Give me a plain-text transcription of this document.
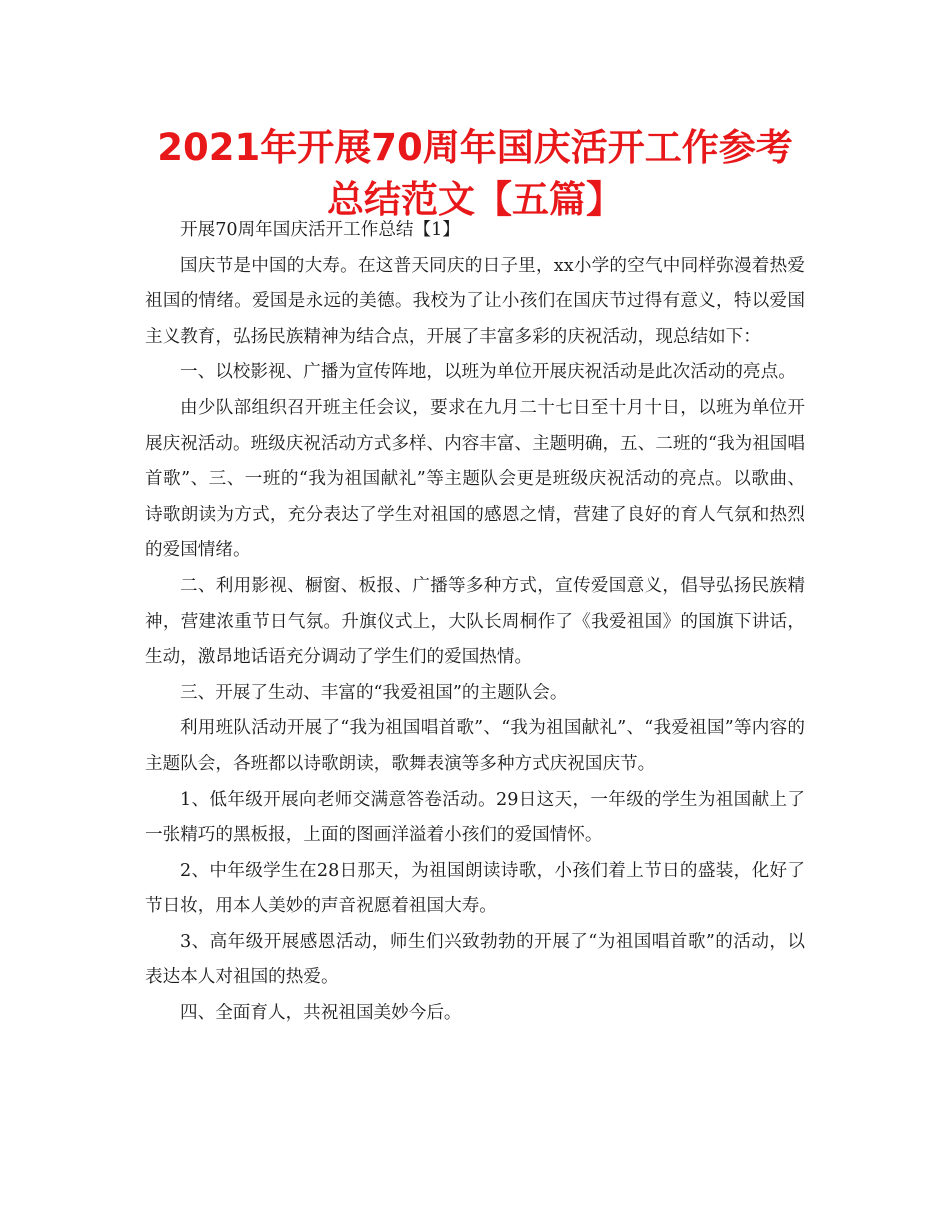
2021年开展70周年国庆活开工作参考总结范文【五篇】

开展70周年国庆活开工作总结【1】

国庆节是中国的大寿。在这普天同庆的日子里，xx小学的空气中同样弥漫着热爱祖国的情绪。爱国是永远的美德。我校为了让小孩们在国庆节过得有意义，特以爱国主义教育，弘扬民族精神为结合点，开展了丰富多彩的庆祝活动，现总结如下：

一、以校影视、广播为宣传阵地，以班为单位开展庆祝活动是此次活动的亮点。

由少队部组织召开班主任会议，要求在九月二十七日至十月十日，以班为单位开展庆祝活动。班级庆祝活动方式多样、内容丰富、主题明确，五、二班的“我为祖国唱首歌”、三、一班的“我为祖国献礼”等主题队会更是班级庆祝活动的亮点。以歌曲、诗歌朗读为方式，充分表达了学生对祖国的感恩之情，营建了良好的育人气氛和热烈的爱国情绪。

二、利用影视、橱窗、板报、广播等多种方式，宣传爱国意义，倡导弘扬民族精神，营建浓重节日气氛。升旗仪式上，大队长周桐作了《我爱祖国》的国旗下讲话，生动，激昂地话语充分调动了学生们的爱国热情。

三、开展了生动、丰富的“我爱祖国”的主题队会。

利用班队活动开展了“我为祖国唱首歌”、“我为祖国献礼”、“我爱祖国”等内容的主题队会，各班都以诗歌朗读，歌舞表演等多种方式庆祝国庆节。

1、低年级开展向老师交满意答卷活动。29日这天，一年级的学生为祖国献上了一张精巧的黑板报，上面的图画洋溢着小孩们的爱国情怀。

2、中年级学生在28日那天，为祖国朗读诗歌，小孩们着上节日的盛装，化好了节日妆，用本人美妙的声音祝愿着祖国大寿。

3、高年级开展感恩活动，师生们兴致勃勃的开展了“为祖国唱首歌”的活动，以表达本人对祖国的热爱。

四、全面育人，共祝祖国美妙今后。
